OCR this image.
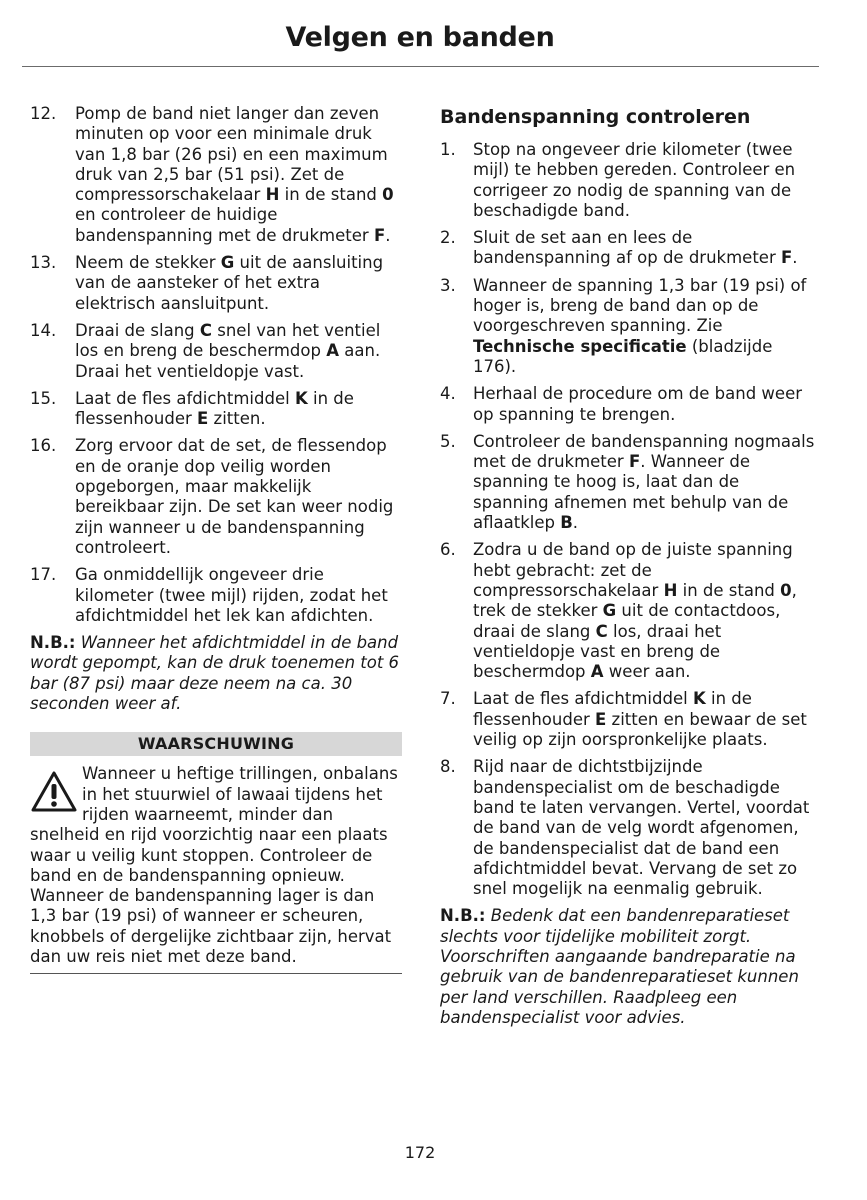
Velgen en banden
12.	Pomp de band niet langer dan zeven minuten op voor een minimale druk van 1,8 bar (26 psi) en een maximum druk van 2,5 bar (51 psi). Zet de compressorschakelaar H in de stand 0 en controleer de huidige bandenspanning met de drukmeter F.
13.	Neem de stekker G uit de aansluiting van de aansteker of het extra elektrisch aansluitpunt.
14.	Draai de slang C snel van het ventiel los en breng de beschermdop A aan. Draai het ventieldopje vast.
15.	Laat de fles afdichtmiddel K in de flessenhouder E zitten.
16.	Zorg ervoor dat de set, de flessendop en de oranje dop veilig worden opgeborgen, maar makkelijk bereikbaar zijn. De set kan weer nodig zijn wanneer u de bandenspanning controleert.
17.	Ga onmiddellijk ongeveer drie kilometer (twee mijl) rijden, zodat het afdichtmiddel het lek kan afdichten.
N.B.: Wanneer het afdichtmiddel in de band wordt gepompt, kan de druk toenemen tot 6 bar (87 psi) maar deze neem na ca. 30 seconden weer af.
WAARSCHUWING
Wanneer u heftige trillingen, onbalans in het stuurwiel of lawaai tijdens het rijden waarneemt, minder dan snelheid en rijd voorzichtig naar een plaats waar u veilig kunt stoppen. Controleer de band en de bandenspanning opnieuw. Wanneer de bandenspanning lager is dan 1,3 bar (19 psi) of wanneer er scheuren, knobbels of dergelijke zichtbaar zijn, hervat dan uw reis niet met deze band.
Bandenspanning controleren
1.	Stop na ongeveer drie kilometer (twee mijl) te hebben gereden. Controleer en corrigeer zo nodig de spanning van de beschadigde band.
2.	Sluit de set aan en lees de bandenspanning af op de drukmeter F.
3.	Wanneer de spanning 1,3 bar (19 psi) of hoger is, breng de band dan op de voorgeschreven spanning. Zie Technische specificatie (bladzijde 176).
4.	Herhaal de procedure om de band weer op spanning te brengen.
5.	Controleer de bandenspanning nogmaals met de drukmeter F. Wanneer de spanning te hoog is, laat dan de spanning afnemen met behulp van de aflaatklep B.
6.	Zodra u de band op de juiste spanning hebt gebracht: zet de compressorschakelaar H in de stand 0, trek de stekker G uit de contactdoos, draai de slang C los, draai het ventieldopje vast en breng de beschermdop A weer aan.
7.	Laat de fles afdichtmiddel K in de flessenhouder E zitten en bewaar de set veilig op zijn oorspronkelijke plaats.
8.	Rijd naar de dichtstbijzijnde bandenspecialist om de beschadigde band te laten vervangen. Vertel, voordat de band van de velg wordt afgenomen, de bandenspecialist dat de band een afdichtmiddel bevat. Vervang de set zo snel mogelijk na eenmalig gebruik.
N.B.: Bedenk dat een bandenreparatieset slechts voor tijdelijke mobiliteit zorgt. Voorschriften aangaande bandreparatie na gebruik van de bandenreparatieset kunnen per land verschillen. Raadpleeg een bandenspecialist voor advies.
172
